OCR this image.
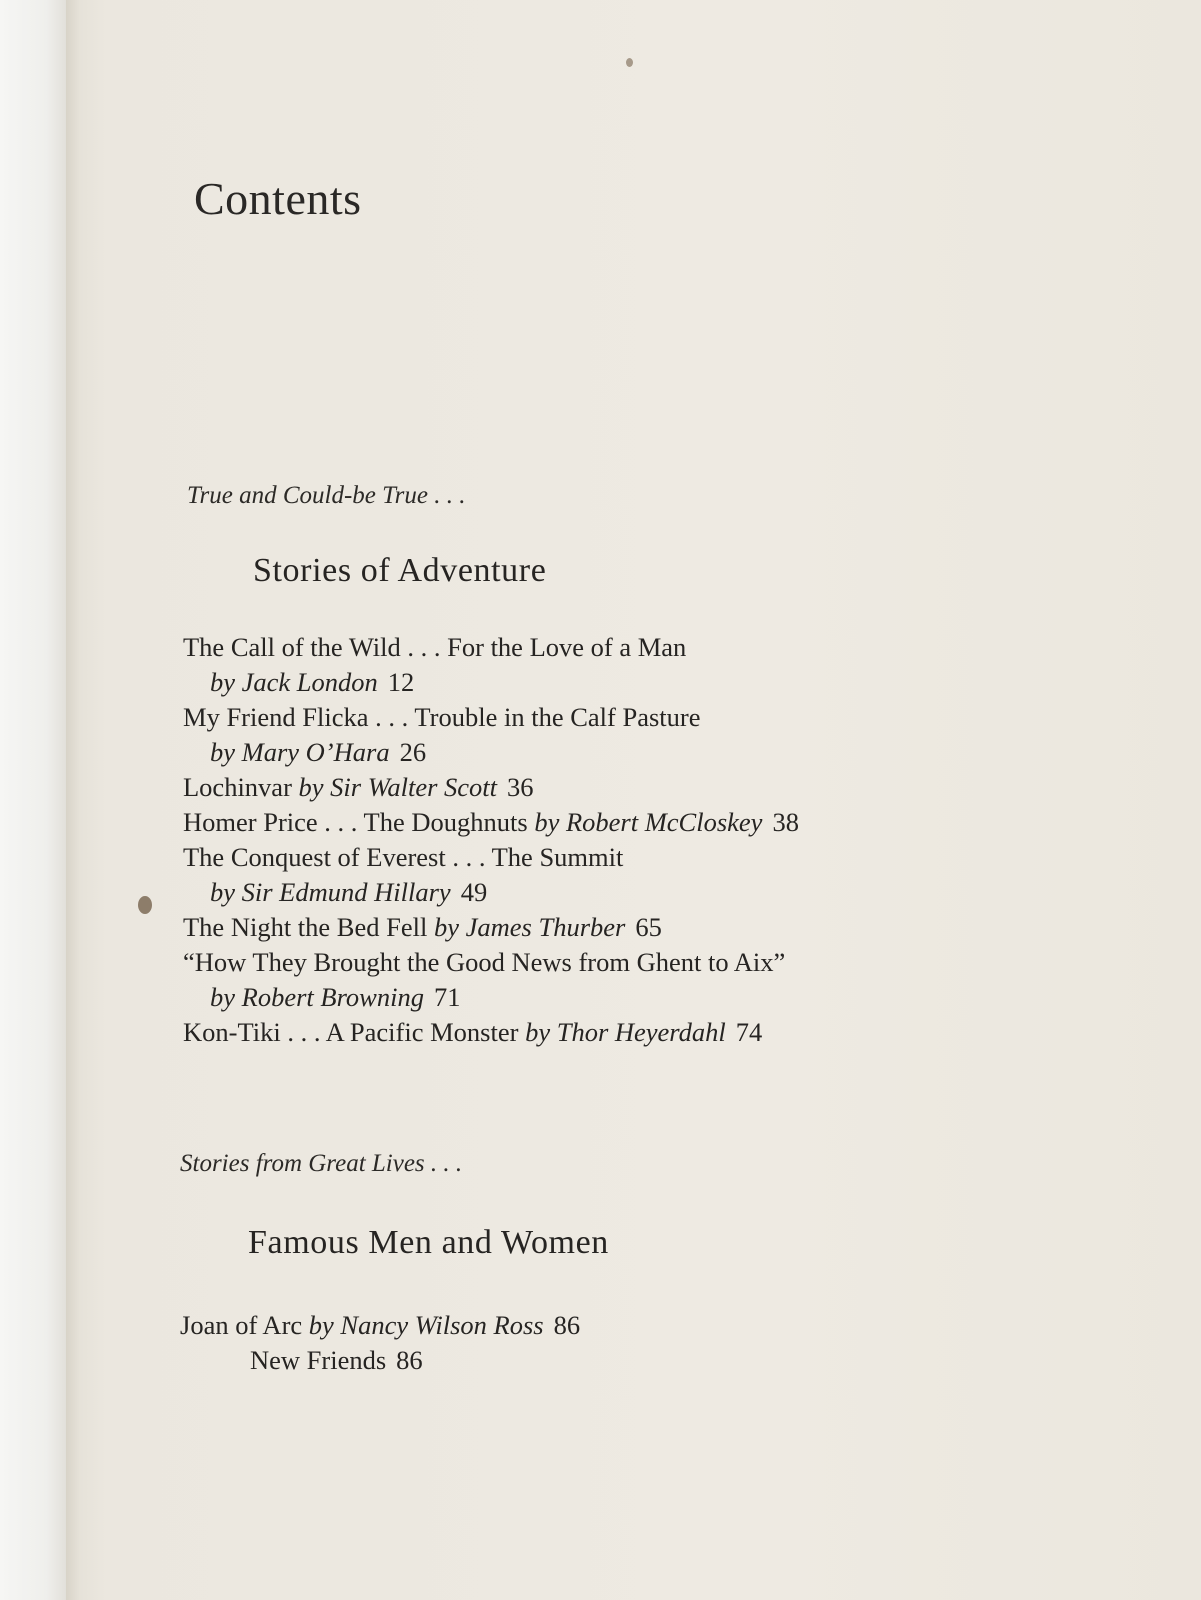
Contents
True and Could-be True . . .
Stories of Adventure
The Call of the Wild . . . For the Love of a Man
by Jack London 12
My Friend Flicka . . . Trouble in the Calf Pasture
by Mary O’Hara 26
Lochinvar by Sir Walter Scott 36
Homer Price . . . The Doughnuts by Robert McCloskey 38
The Conquest of Everest . . . The Summit
by Sir Edmund Hillary 49
The Night the Bed Fell by James Thurber 65
“How They Brought the Good News from Ghent to Aix”
by Robert Browning 71
Kon-Tiki . . . A Pacific Monster by Thor Heyerdahl 74
Stories from Great Lives . . .
Famous Men and Women
Joan of Arc by Nancy Wilson Ross 86
New Friends 86
